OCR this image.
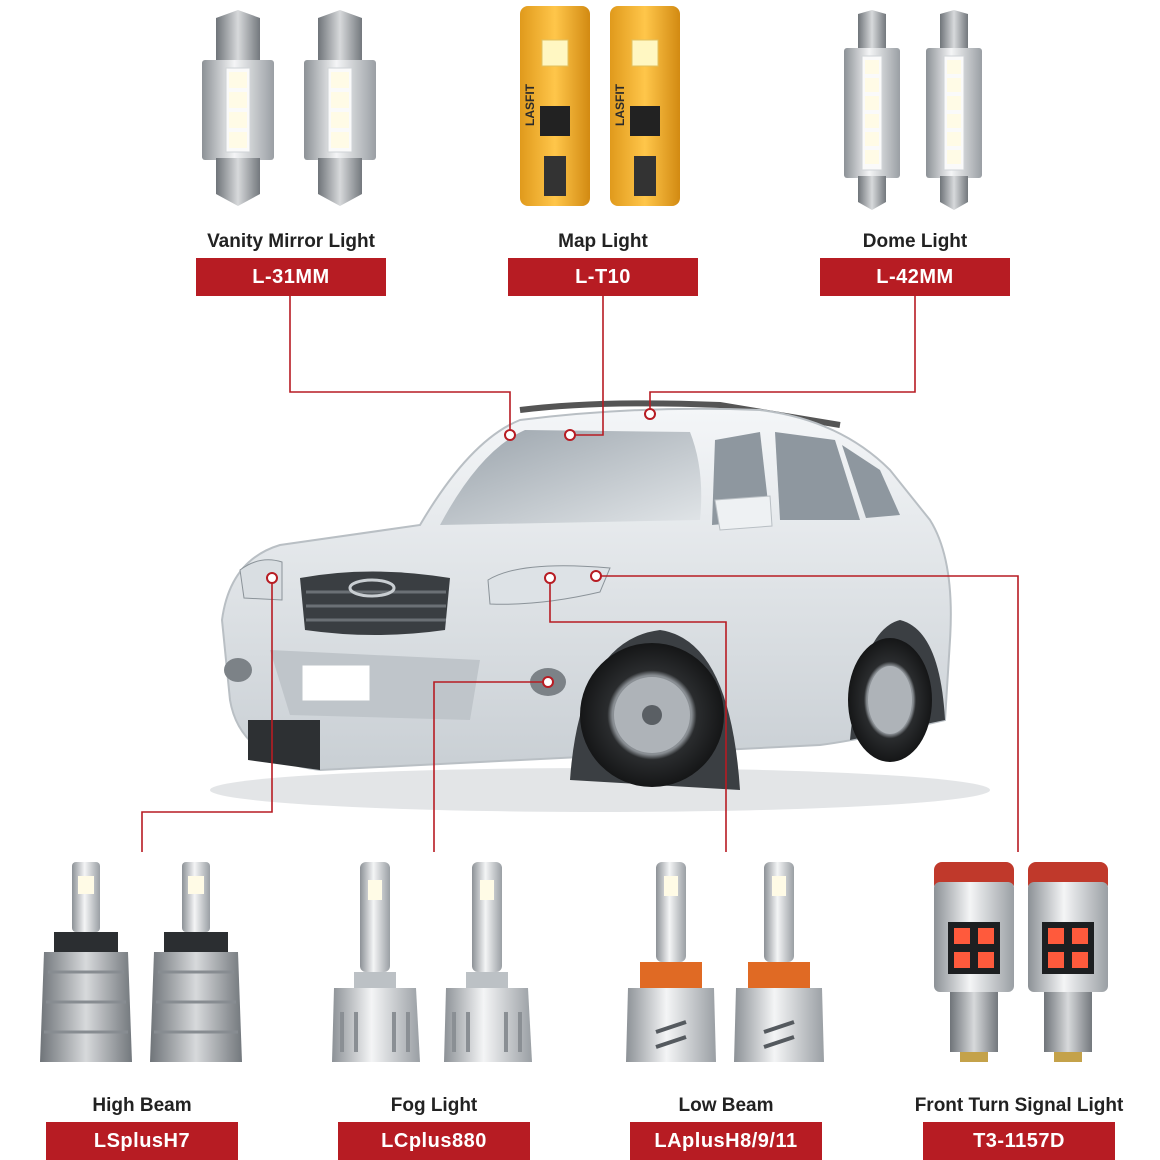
LASFIT	LASFIT
Vanity Mirror Light
L-31MM
Map Light
L-T10
Dome Light
L-42MM
High Beam
LSplusH7
Fog Light
LCplus880
Low Beam
LAplusH8/9/11
Front Turn Signal Light
T3-1157D
